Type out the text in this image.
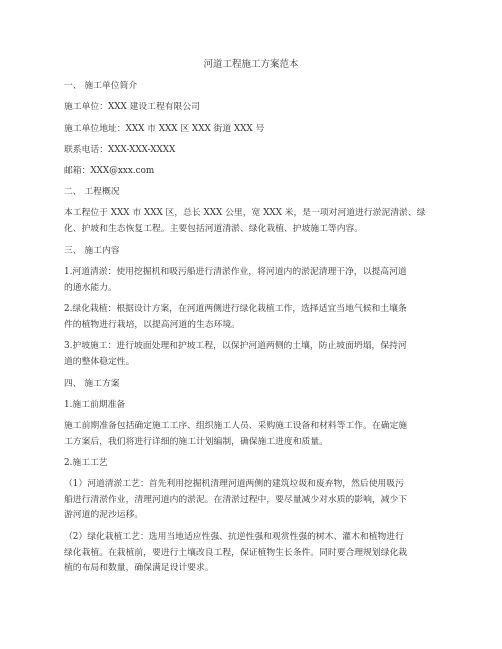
河道工程施工方案范本
一、 施工单位简介
施工单位：XXX 建设工程有限公司
施工单位地址：XXX 市 XXX 区 XXX 街道 XXX 号
联系电话：XXX-XXX-XXXX
邮箱：XXX@xxx.com
二、 工程概况
本工程位于 XXX 市 XXX 区，总长 XXX 公里，宽 XXX 米，是一项对河道进行淤泥清淤、绿
化、护坡和生态恢复工程。主要包括河道清淤、绿化栽植、护坡施工等内容。
三、 施工内容
1.河道清淤：使用挖掘机和吸污船进行清淤作业，将河道内的淤泥清理干净，以提高河道
的通水能力。
2.绿化栽植：根据设计方案，在河道两侧进行绿化栽植工作，选择适宜当地气候和土壤条
件的植物进行栽培，以提高河道的生态环境。
3.护坡施工：进行坡面处理和护坡工程，以保护河道两侧的土壤，防止坡面坍塌，保持河
道的整体稳定性。
四、 施工方案
1.施工前期准备
施工前期准备包括确定施工工序、组织施工人员、采购施工设备和材料等工作。在确定施
工方案后，我们将进行详细的施工计划编制，确保施工进度和质量。
2.施工工艺
（1）河道清淤工艺：首先利用挖掘机清理河道两侧的建筑垃圾和废弃物，然后使用吸污
船进行清淤作业，清理河道内的淤泥。在清淤过程中，要尽量减少对水质的影响，减少下
游河道的泥沙运移。
（2）绿化栽植工艺：选用当地适应性强、抗逆性强和观赏性强的树木、灌木和植物进行
绿化栽植。在栽植前，要进行土壤改良工程，保证植物生长条件。同时要合理规划绿化栽
植的布局和数量，确保满足设计要求。
